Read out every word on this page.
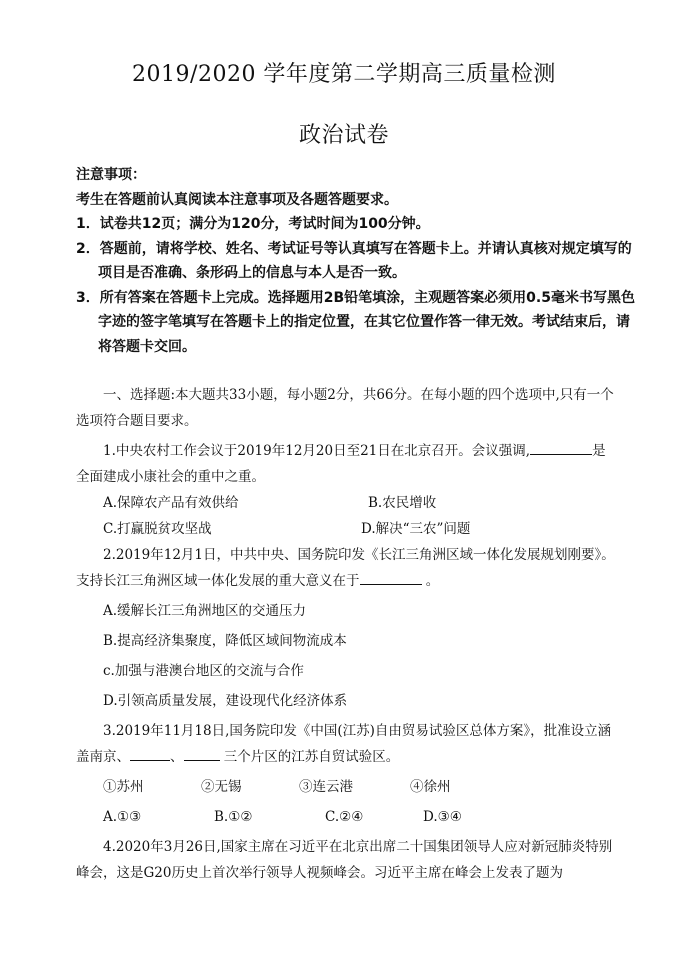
2019/2020 学年度第二学期高三质量检测
政治试卷

注意事项：

考生在答题前认真阅读本注意事项及各题答题要求。

1．试卷共12页；满分为120分，考试时间为100分钟。

2．答题前，请将学校、姓名、考试证号等认真填写在答题卡上。并请认真核对规定填写的项目是否准确、条形码上的信息与本人是否一致。

3．所有答案在答题卡上完成。选择题用2B铅笔填涂，主观题答案必须用0.5毫米书写黑色字迹的签字笔填写在答题卡上的指定位置，在其它位置作答一律无效。考试结束后，请将答题卡交回。

一、选择题:本大题共33小题，每小题2分，共66分。在每小题的四个选项中,只有一个选项符合题目要求。

1.中央农村工作会议于2019年12月20日至21日在北京召开。会议强调,	是全面建成小康社会的重中之重。

A.保障农产品有效供给	B.农民增收
C.打赢脱贫攻坚战	D.解决“三农”问题

2.2019年12月1日，中共中央、国务院印发《长江三角洲区域一体化发展规划刚要》。支持长江三角洲区域一体化发展的重大意义在于	。

A.缓解长江三角洲地区的交通压力

B.提高经济集聚度，降低区域间物流成本

c.加强与港澳台地区的交流与合作

D.引领高质量发展，建设现代化经济体系

3.2019年11月18日,国务院印发《中国(江苏)自由贸易试验区总体方案》，批准设立涵盖南京、	、	三个片区的江苏自贸试验区。

①苏州	②无锡	③连云港	④徐州
A.①③	B.①②	C.②④	D.③④

4.2020年3月26日,国家主席在习近平在北京出席二十国集团领导人应对新冠肺炎特别峰会，这是G20历史上首次举行领导人视频峰会。习近平主席在峰会上发表了题为
